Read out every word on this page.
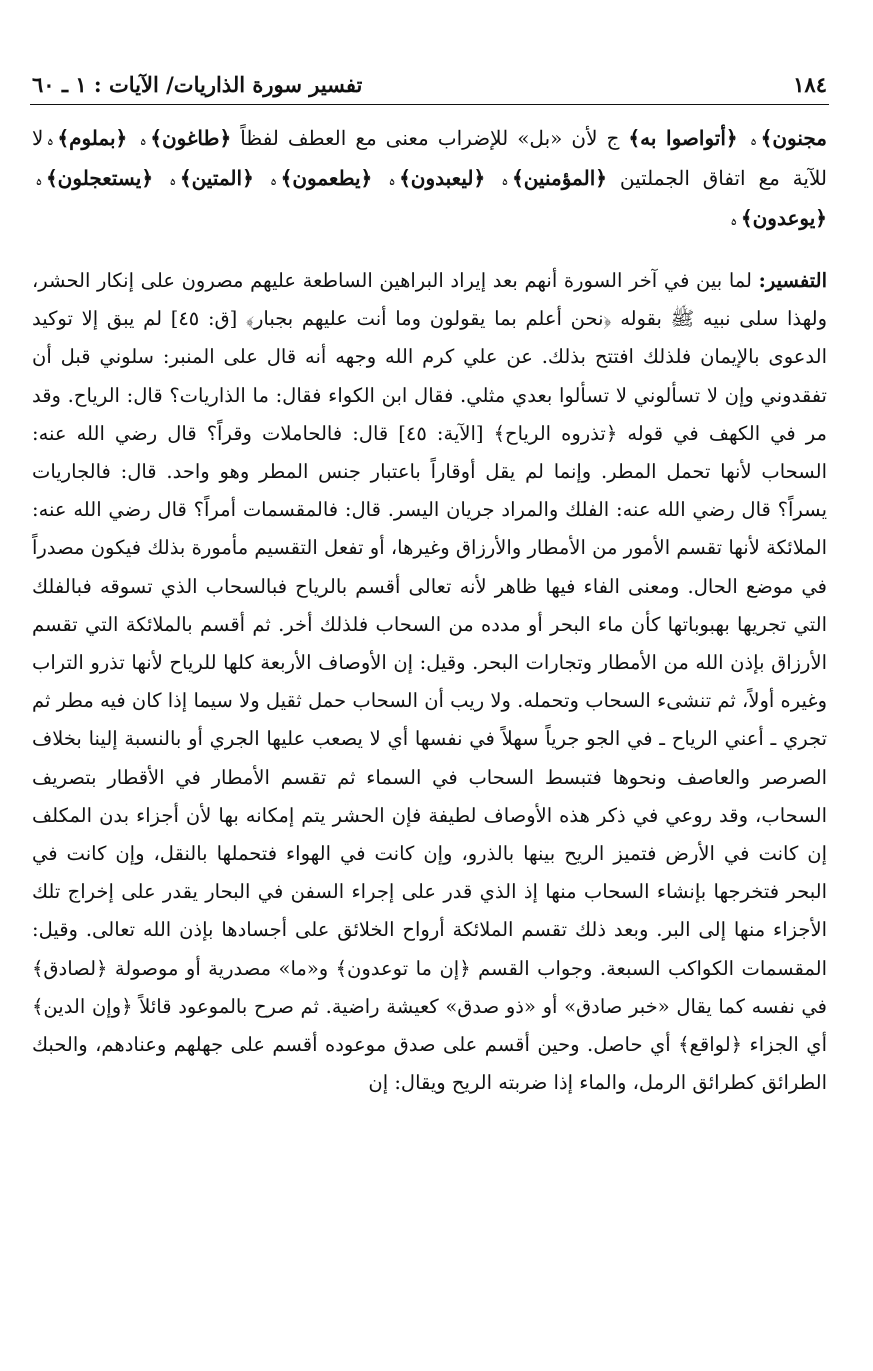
١٨٤
تفسير سورة الذاريات/ الآيات : ١ ـ ٦٠
مجنون﴾ﮦ ﴿أتواصوا به﴾ ج لأن «بل» للإضراب معنى مع العطف لفظاً ﴿طاغون﴾ﮦ ﴿بملوم﴾ﮦلا للآية مع اتفاق الجملتين ﴿المؤمنين﴾ﮦ ﴿ليعبدون﴾ﮦ ﴿يطعمون﴾ﮦ ﴿المتين﴾ﮦ ﴿يستعجلون﴾ﮦ ﴿يوعدون﴾ﮦ

التفسير: لما بين في آخر السورة أنهم بعد إيراد البراهين الساطعة عليهم مصرون على إنكار الحشر، ولهذا سلى نبيه ﷺ بقوله ﴿نحن أعلم بما يقولون وما أنت عليهم بجبار﴾ [ق: ٤٥] لم يبق إلا توكيد الدعوى بالإيمان فلذلك افتتح بذلك. عن علي كرم الله وجهه أنه قال على المنبر: سلوني قبل أن تفقدوني وإن لا تسألوني لا تسألوا بعدي مثلي. فقال ابن الكواء فقال: ما الذاريات؟ قال: الرياح. وقد مر في الكهف في قوله ﴿تذروه الرياح﴾ [الآية: ٤٥] قال: فالحاملات وقراً؟ قال رضي الله عنه: السحاب لأنها تحمل المطر. وإنما لم يقل أوقاراً باعتبار جنس المطر وهو واحد. قال: فالجاريات يسراً؟ قال رضي الله عنه: الفلك والمراد جريان اليسر. قال: فالمقسمات أمراً؟ قال رضي الله عنه: الملائكة لأنها تقسم الأمور من الأمطار والأرزاق وغيرها، أو تفعل التقسيم مأمورة بذلك فيكون مصدراً في موضع الحال. ومعنى الفاء فيها ظاهر لأنه تعالى أقسم بالرياح فبالسحاب الذي تسوقه فبالفلك التي تجريها بهبوباتها كأن ماء البحر أو مدده من السحاب فلذلك أخر. ثم أقسم بالملائكة التي تقسم الأرزاق بإذن الله من الأمطار وتجارات البحر. وقيل: إن الأوصاف الأربعة كلها للرياح لأنها تذرو التراب وغيره أولاً، ثم تنشىء السحاب وتحمله. ولا ريب أن السحاب حمل ثقيل ولا سيما إذا كان فيه مطر ثم تجري ـ أعني الرياح ـ في الجو جرياً سهلاً في نفسها أي لا يصعب عليها الجري أو بالنسبة إلينا بخلاف الصرصر والعاصف ونحوها فتبسط السحاب في السماء ثم تقسم الأمطار في الأقطار بتصريف السحاب، وقد روعي في ذكر هذه الأوصاف لطيفة فإن الحشر يتم إمكانه بها لأن أجزاء بدن المكلف إن كانت في الأرض فتميز الريح بينها بالذرو، وإن كانت في الهواء فتحملها بالنقل، وإن كانت في البحر فتخرجها بإنشاء السحاب منها إذ الذي قدر على إجراء السفن في البحار يقدر على إخراج تلك الأجزاء منها إلى البر. وبعد ذلك تقسم الملائكة أرواح الخلائق على أجسادها بإذن الله تعالى. وقيل: المقسمات الكواكب السبعة. وجواب القسم ﴿إن ما توعدون﴾ و«ما» مصدرية أو موصولة ﴿لصادق﴾ في نفسه كما يقال «خبر صادق» أو «ذو صدق» كعيشة راضية. ثم صرح بالموعود قائلاً ﴿وإن الدين﴾ أي الجزاء ﴿لواقع﴾ أي حاصل. وحين أقسم على صدق موعوده أقسم على جهلهم وعنادهم، والحبك الطرائق كطرائق الرمل، والماء إذا ضربته الريح ويقال: إن
